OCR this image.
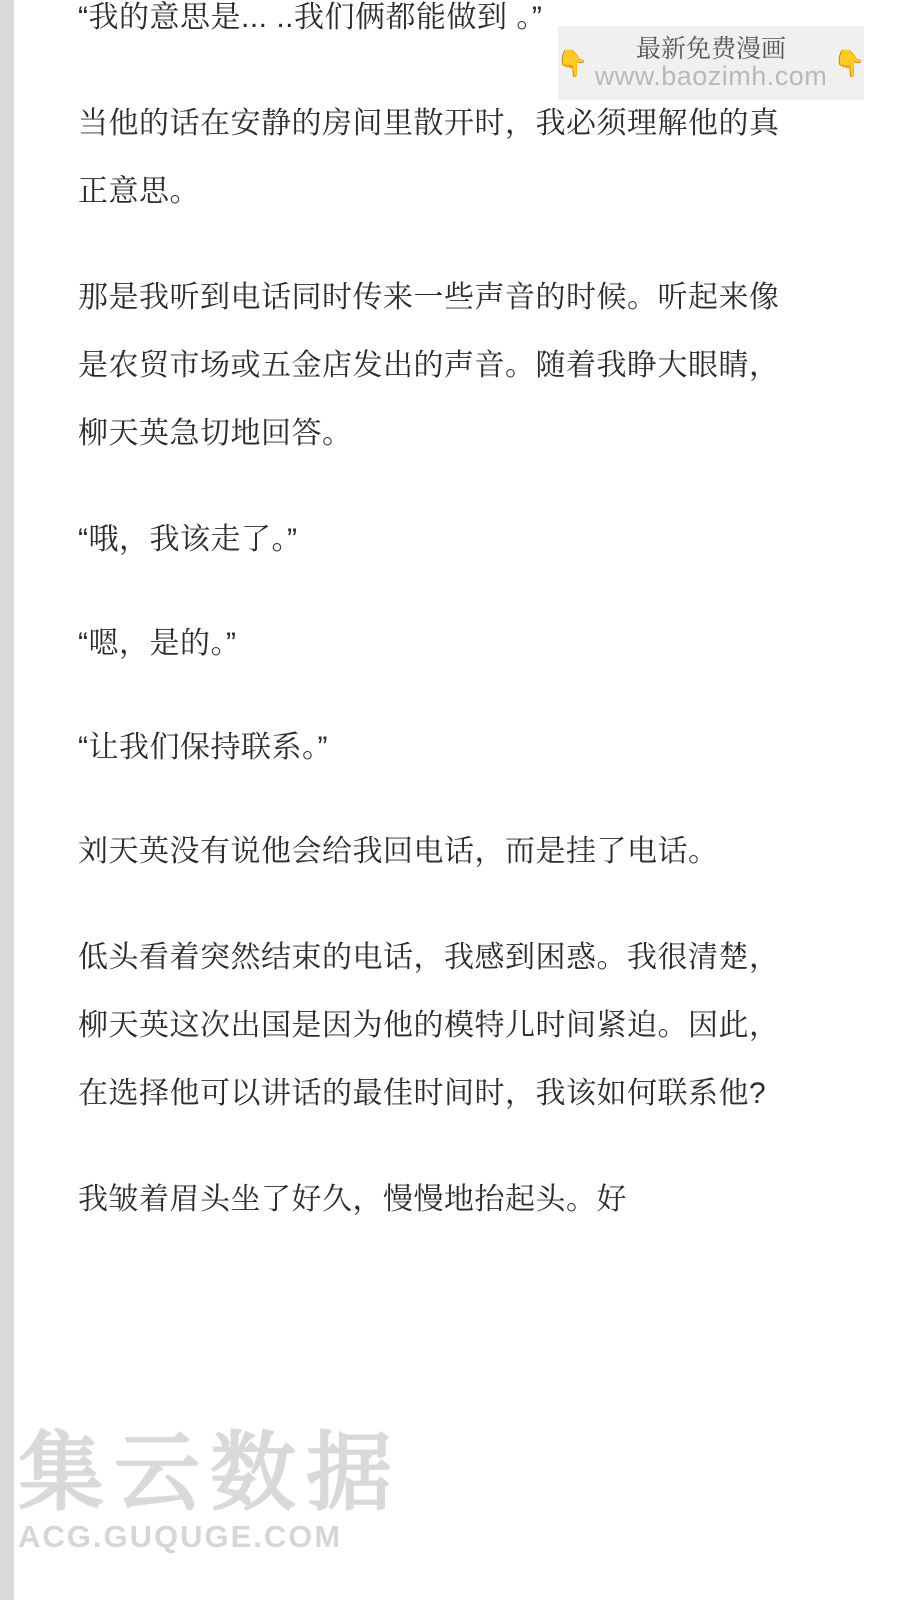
“我的意思是... ..我们俩都能做到 。”

当他的话在安静的房间里散开时，我必须理解他的真正意思。

那是我听到电话同时传来一些声音的时候。听起来像是农贸市场或五金店发出的声音。随着我睁大眼睛，柳天英急切地回答。

“哦，我该走了。”

“嗯，是的。”

“让我们保持联系。”

刘天英没有说他会给我回电话，而是挂了电话。

低头看着突然结束的电话，我感到困惑。我很清楚，柳天英这次出国是因为他的模特儿时间紧迫。因此，在选择他可以讲话的最佳时间时，我该如何联系他?

我皱着眉头坐了好久，慢慢地抬起头。好

👇 最新免费漫画
www.baozimh.com 👇
集云数据
ACG.GUQUGE.COM
